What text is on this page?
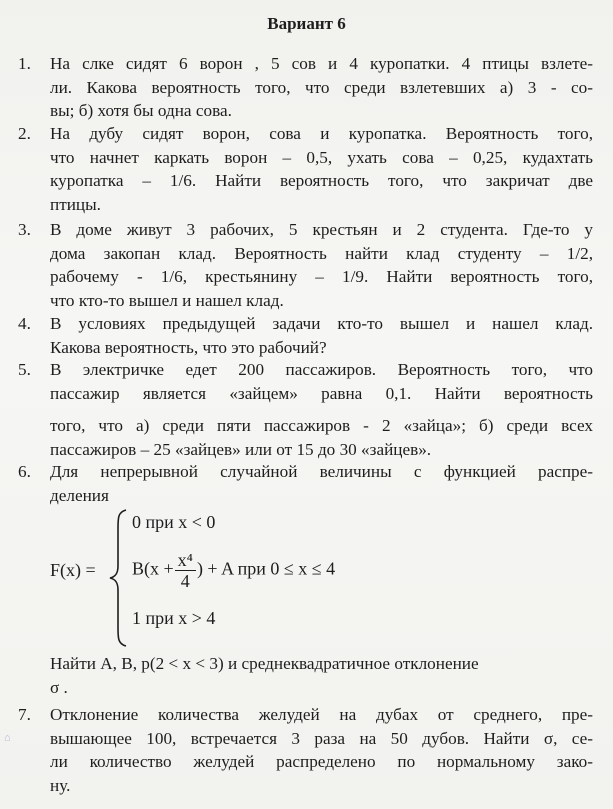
Вариант 6
1. На слке сидят 6 ворон , 5 сов и 4 куропатки. 4 птицы взлете-
ли. Какова вероятность того, что среди взлетевших а) 3 - со-
вы; б) хотя бы одна сова.
2. На дубу сидят ворон, сова и куропатка. Вероятность того,
что начнет каркать ворон – 0,5, ухать сова – 0,25, кудахтать
куропатка – 1/6. Найти вероятность того, что закричат две
птицы.
3. В доме живут 3 рабочих, 5 крестьян и 2 студента. Где-то у
дома закопан клад. Вероятность найти клад студенту – 1/2,
рабочему - 1/6, крестьянину – 1/9. Найти вероятность того,
что кто-то вышел и нашел клад.
4. В условиях предыдущей задачи кто-то вышел и нашел клад.
Какова вероятность, что это рабочий?
5. В электричке едет 200 пассажиров. Вероятность того, что
пассажир является «зайцем» равна 0,1. Найти вероятность
того, что а) среди пяти пассажиров - 2 «зайца»; б) среди всех
пассажиров – 25 «зайцев» или от 15 до 30 «зайцев».
6. Для непрерывной случайной величины с функцией распре-
деления
F(x) =
0 при x < 0
$B(x + \frac{\text{x⁴}}{4}$ ) + A при 0 ≤ x ≤ 4
1 при x > 4
Найти A, B, p(2 < x < 3) и среднеквадратичное отклонение
σ .
7. Отклонение количества желудей на дубах от среднего, пре-
вышающее 100, встречается 3 раза на 50 дубов. Найти σ, се-
ли количество желудей распределено по нормальному зако-
ну.
⌂
